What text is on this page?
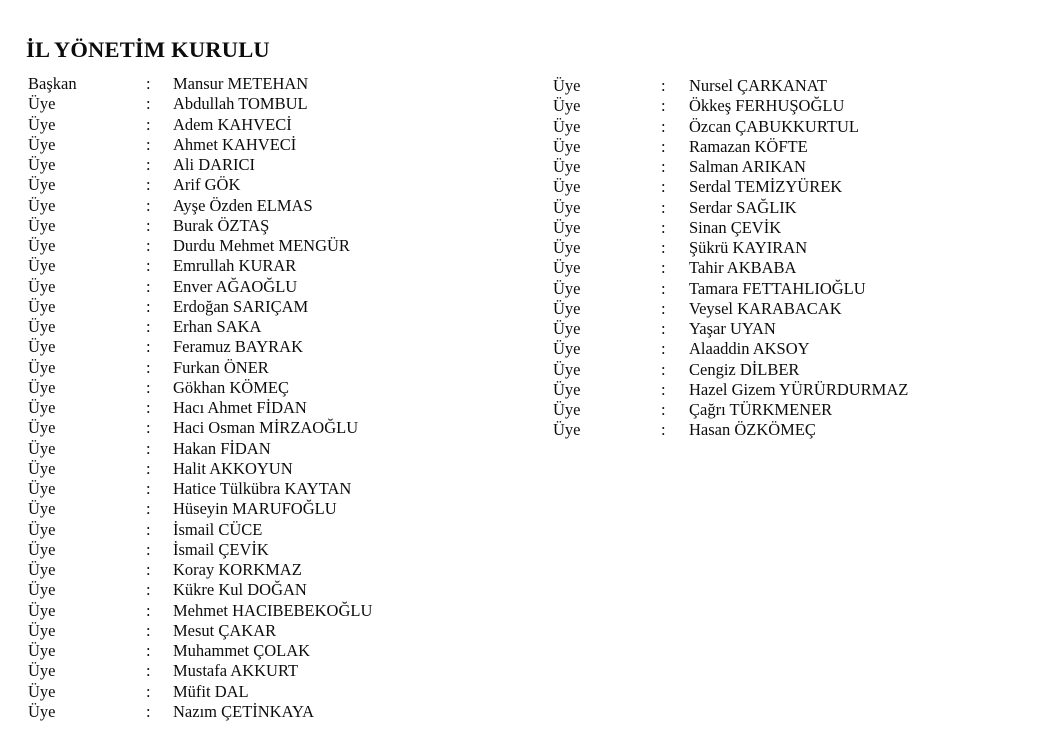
İL YÖNETİM KURULU
Başkan	: Mansur METEHAN
Üye	: Abdullah TOMBUL
Üye	: Adem KAHVECİ
Üye	: Ahmet KAHVECİ
Üye	: Ali DARICI
Üye	: Arif GÖK
Üye	: Ayşe Özden ELMAS
Üye	: Burak ÖZTAŞ
Üye	: Durdu Mehmet MENGÜR
Üye	: Emrullah KURAR
Üye	: Enver AĞAOĞLU
Üye	: Erdoğan SARIÇAM
Üye	: Erhan SAKA
Üye	: Feramuz BAYRAK
Üye	: Furkan ÖNER
Üye	: Gökhan KÖMEÇ
Üye	: Hacı Ahmet FİDAN
Üye	: Haci Osman MİRZAOĞLU
Üye	: Hakan FİDAN
Üye	: Halit AKKOYUN
Üye	: Hatice Tülkübra KAYTAN
Üye	: Hüseyin MARUFOĞLU
Üye	: İsmail CÜCE
Üye	: İsmail ÇEVİK
Üye	: Koray KORKMAZ
Üye	: Kükre Kul DOĞAN
Üye	: Mehmet HACIBEBEKOĞLU
Üye	: Mesut ÇAKAR
Üye	: Muhammet ÇOLAK
Üye	: Mustafa AKKURT
Üye	: Müfit DAL
Üye	: Nazım ÇETİNKAYA
Üye	: Nursel ÇARKANAT
Üye	: Ökkeş FERHUŞOĞLU
Üye	: Özcan ÇABUKKURTUL
Üye	: Ramazan KÖFTE
Üye	: Salman ARIKAN
Üye	: Serdal TEMİZYÜREK
Üye	: Serdar SAĞLIK
Üye	: Sinan ÇEVİK
Üye	: Şükrü KAYIRAN
Üye	: Tahir AKBABA
Üye	: Tamara FETTAHLIOĞLU
Üye	: Veysel KARABACAK
Üye	: Yaşar UYAN
Üye	: Alaaddin AKSOY
Üye	: Cengiz DİLBER
Üye	: Hazel Gizem YÜRÜRDURMAZ
Üye	: Çağrı TÜRKMENER
Üye	: Hasan ÖZKÖMEÇ
